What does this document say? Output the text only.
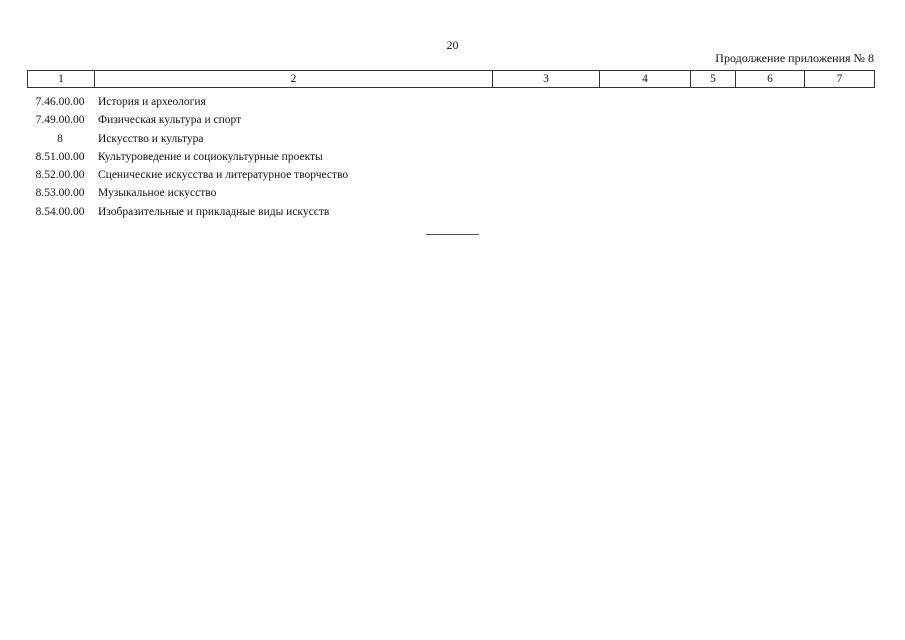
20
Продолжение приложения № 8
1	2	3	4	5	6	7
7.46.00.00	История и археология
7.49.00.00	Физическая культура и спорт
8	Искусство и культура
8.51.00.00	Культуроведение и социокультурные проекты
8.52.00.00	Сценические искусства и литературное творчество
8.53.00.00	Музыкальное искусство
8.54.00.00	Изобразительные и прикладные виды искусств
